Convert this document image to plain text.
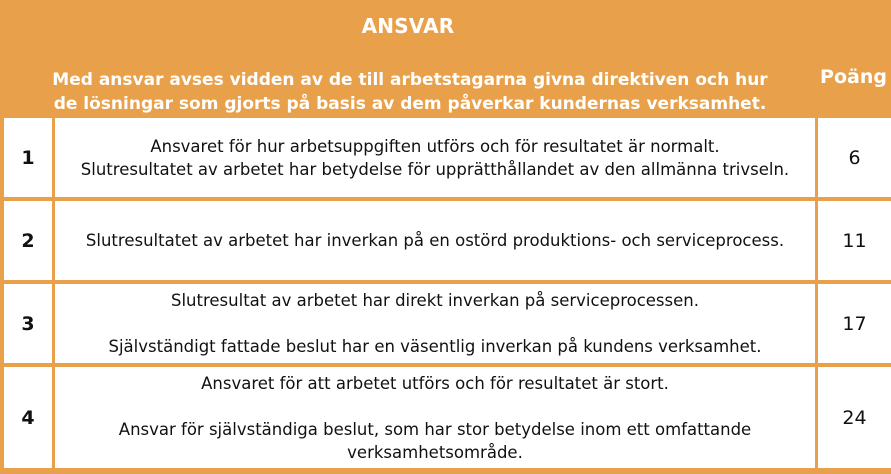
ANSVAR
Med ansvar avses vidden av de till arbetstagarna givna direktiven och hur de lösningar som gjorts på basis av dem påverkar kundernas verksamhet.
Poäng
1
Ansvaret för hur arbetsuppgiften utförs och för resultatet är normalt.
Slutresultatet av arbetet har betydelse för upprätthållandet av den allmänna trivseln.
6
2	Slutresultatet av arbetet har inverkan på en ostörd produktions- och serviceprocess.	11
3
Slutresultat av arbetet har direkt inverkan på serviceprocessen.
Självständigt fattade beslut har en väsentlig inverkan på kundens verksamhet.
17
4
Ansvaret för att arbetet utförs och för resultatet är stort.
Ansvar för självständiga beslut, som har stor betydelse inom ett omfattande
verksamhetsområde.
24
